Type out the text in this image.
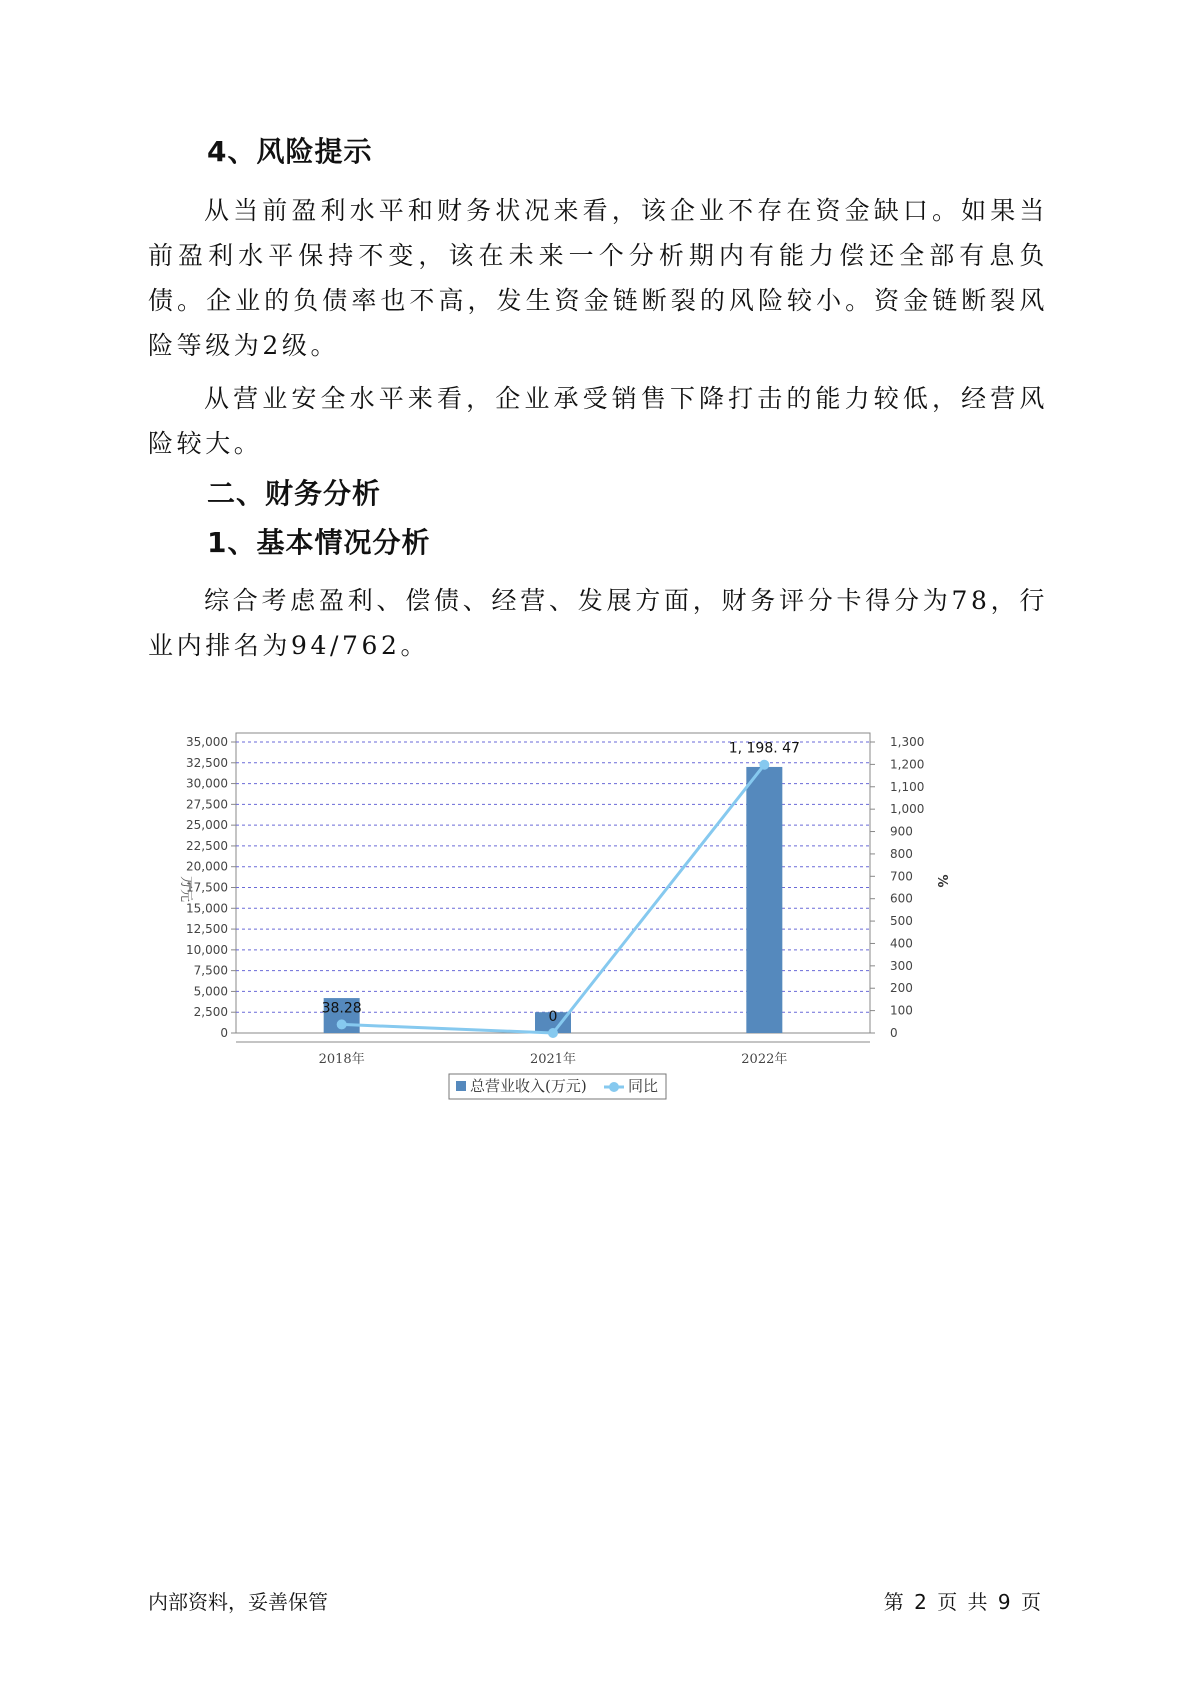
4、风险提示

从当前盈利水平和财务状况来看，该企业不存在资金缺口。如果当前盈利水平保持不变，该在未来一个分析期内有能力偿还全部有息负债。企业的负债率也不高，发生资金链断裂的风险较小。资金链断裂风险等级为2级。

从营业安全水平来看，企业承受销售下降打击的能力较低，经营风险较大。

二、财务分析
1、基本情况分析

综合考虑盈利、偿债、经营、发展方面，财务评分卡得分为78，行业内排名为94/762。

万元	%
0
2,500
5,000
7,500
10,000
12,500
15,000
17,500
20,000
22,500
25,000
27,500
30,000
32,500
35,000
0
100
200
300
400
500
600
700
800
900
1,000
1,100
1,200
1,300
2018年	2021年	2022年
38.28
0
1, 198. 47
总营业收入(万元)	同比
内部资料，妥善保管	第 2 页 共 9 页
